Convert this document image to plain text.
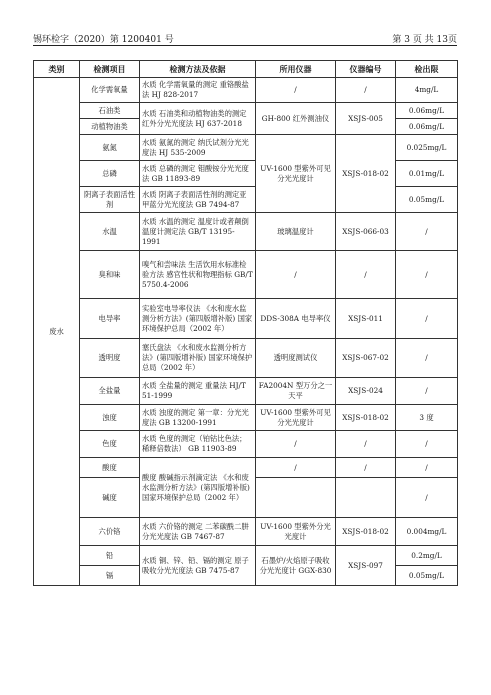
锡环检字（2020）第 1200401 号	第 3 页 共 13页
类别	检测项目	检测方法及依据	所用仪器	仪器编号	检出限
废水	化学需氧量	水质 化学需氧量的测定 重铬酸盐法 HJ 828-2017	/	/	4mg/L
	石油类	水质 石油类和动植物油类的测定 红外分光光度法 HJ 637-2018	GH-800 红外测油仪	XSJS-005	0.06mg/L
	动植物油类				0.06mg/L
	氨氮	水质 氨氮的测定 纳氏试剂分光光度法 HJ 535-2009	UV-1600 型紫外可见分光光度计	XSJS-018-02	0.025mg/L
	总磷	水质 总磷的测定 钼酸铵分光光度法 GB 11893-89			0.01mg/L
	阴离子表面活性剂	水质 阴离子表面活性剂的测定亚甲蓝分光光度法 GB 7494-87			0.05mg/L
	水温	水质 水温的测定 温度计或者颠倒温度计测定法 GB/T 13195-1991	玻璃温度计	XSJS-066-03	/
	臭和味	嗅气和尝味法 生活饮用水标准检验方法 感官性状和物理指标 GB/T 5750.4-2006	/	/	/
	电导率	实验室电导率仪法 《水和废水监测分析方法》(第四版增补版) 国家环境保护总局（2002 年）	DDS-308A 电导率仪	XSJS-011	/
	透明度	塞氏盘法 《水和废水监测分析方法》(第四版增补版) 国家环境保护总局（2002 年）	透明度测试仪	XSJS-067-02	/
	全盐量	水质 全盐量的测定 重量法 HJ/T 51-1999	FA2004N 型万分之一天平	XSJS-024	/
	浊度	水质 浊度的测定 第一章：分光光度法 GB 13200-1991	UV-1600 型紫外可见分光光度计	XSJS-018-02	3 度
	色度	水质 色度的测定（铂钴比色法；稀释倍数法） GB 11903-89	/	/	/
	酸度	酸度 酸碱指示剂滴定法 《水和废水监测分析方法》(第四版增补版) 国家环境保护总局（2002 年）	/	/	/
	碱度				/
	六价铬	水质 六价铬的测定 二苯碳酰二肼分光光度法 GB 7467-87	UV-1600 型紫外分光光度计	XSJS-018-02	0.004mg/L
	铅	水质 铜、锌、铅、镉的测定 原子吸收分光光度法 GB 7475-87	石墨炉/火焰原子吸收分光光度计 GGX-830	XSJS-097	0.2mg/L
	镉				0.05mg/L
